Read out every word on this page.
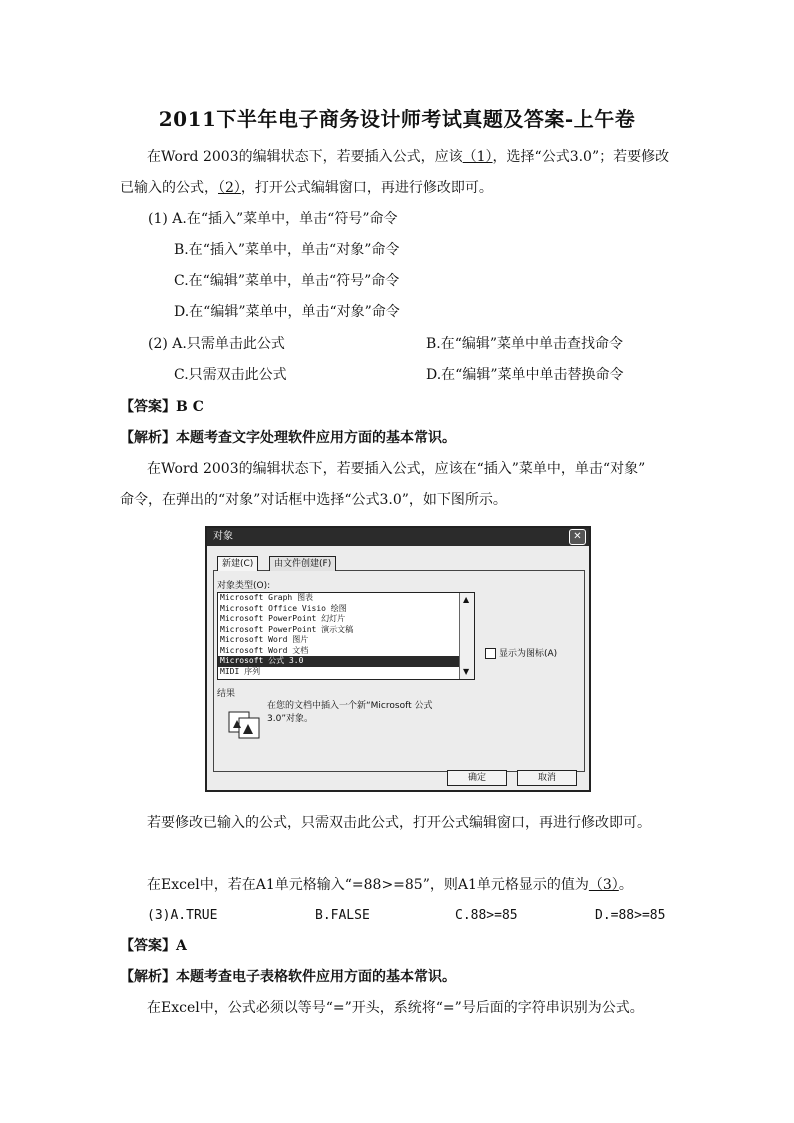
2011下半年电子商务设计师考试真题及答案-上午卷
在Word 2003的编辑状态下，若要插入公式，应该（1），选择“公式3.0”；若要修改
已输入的公式，（2），打开公式编辑窗口，再进行修改即可。
(1) A.在“插入”菜单中，单击“符号”命令
B.在“插入”菜单中，单击“对象”命令
C.在“编辑”菜单中，单击“符号”命令
D.在“编辑”菜单中，单击“对象”命令
(2) A.只需单击此公式	B.在“编辑”菜单中单击查找命令
C.只需双击此公式	D.在“编辑”菜单中单击替换命令
【答案】B C
【解析】本题考查文字处理软件应用方面的基本常识。
在Word 2003的编辑状态下，若要插入公式，应该在“插入”菜单中，单击“对象”
命令，在弹出的“对象”对话框中选择“公式3.0”，如下图所示。
对象	✕
新建(C)	由文件创建(F)
对象类型(O):
Microsoft Graph 图表
Microsoft Office Visio 绘图
Microsoft PowerPoint 幻灯片
Microsoft PowerPoint 演示文稿
Microsoft Word 图片
Microsoft Word 文档
Microsoft 公式 3.0
MIDI 序列
▲
▼
显示为图标(A)
结果
在您的文档中插入一个新“Microsoft 公式
3.0”对象。
确定	取消
若要修改已输入的公式，只需双击此公式，打开公式编辑窗口，再进行修改即可。
在Excel中，若在A1单元格输入“=88>=85”，则A1单元格显示的值为（3）。
(3)A.TRUE	B.FALSE	C.88>=85	D.=88>=85
【答案】A
【解析】本题考查电子表格软件应用方面的基本常识。
在Excel中，公式必须以等号“=”开头，系统将“=”号后面的字符串识别为公式。
